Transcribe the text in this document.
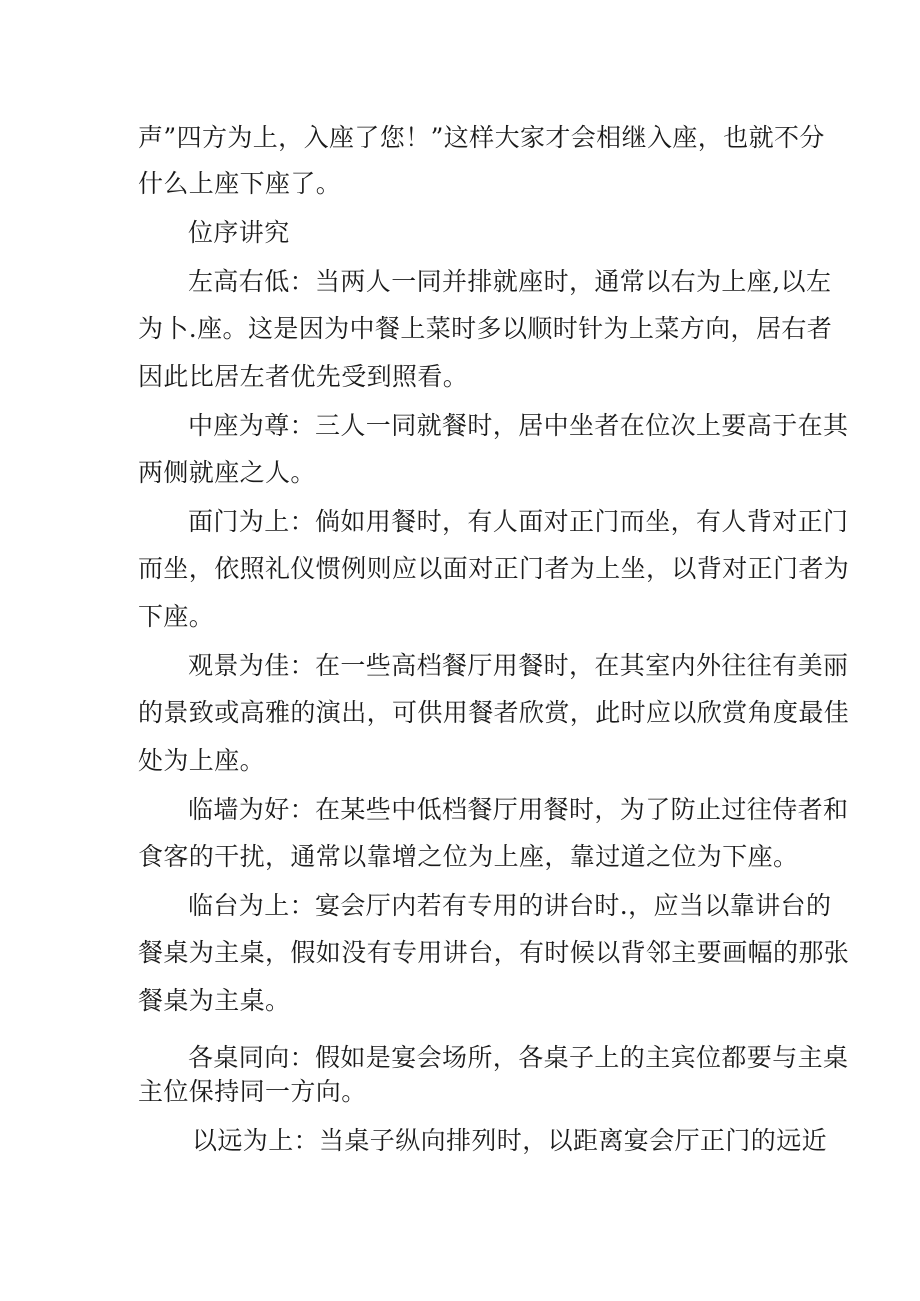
声”四方为上，入座了您！”这样大家才会相继入座，也就不分
什么上座下座了。
位序讲究
左高右低：当两人一同并排就座时，通常以右为上座,以左
为卜.座。这是因为中餐上菜时多以顺时针为上菜方向，居右者
因此比居左者优先受到照看。
中座为尊：三人一同就餐时，居中坐者在位次上要高于在其
两侧就座之人。
面门为上：倘如用餐时，有人面对正门而坐，有人背对正门
而坐，依照礼仪惯例则应以面对正门者为上坐，以背对正门者为
下座。
观景为佳：在一些高档餐厅用餐时，在其室内外往往有美丽
的景致或高雅的演出，可供用餐者欣赏，此时应以欣赏角度最佳
处为上座。
临墙为好：在某些中低档餐厅用餐时，为了防止过往侍者和
食客的干扰，通常以靠增之位为上座，靠过道之位为下座。
临台为上：宴会厅内若有专用的讲台时.，应当以靠讲台的
餐桌为主桌，假如没有专用讲台，有时候以背邻主要画幅的那张
餐桌为主桌。
各桌同向：假如是宴会场所，各桌子上的主宾位都要与主桌
主位保持同一方向。
以远为上：当桌子纵向排列时，以距离宴会厅正门的远近
